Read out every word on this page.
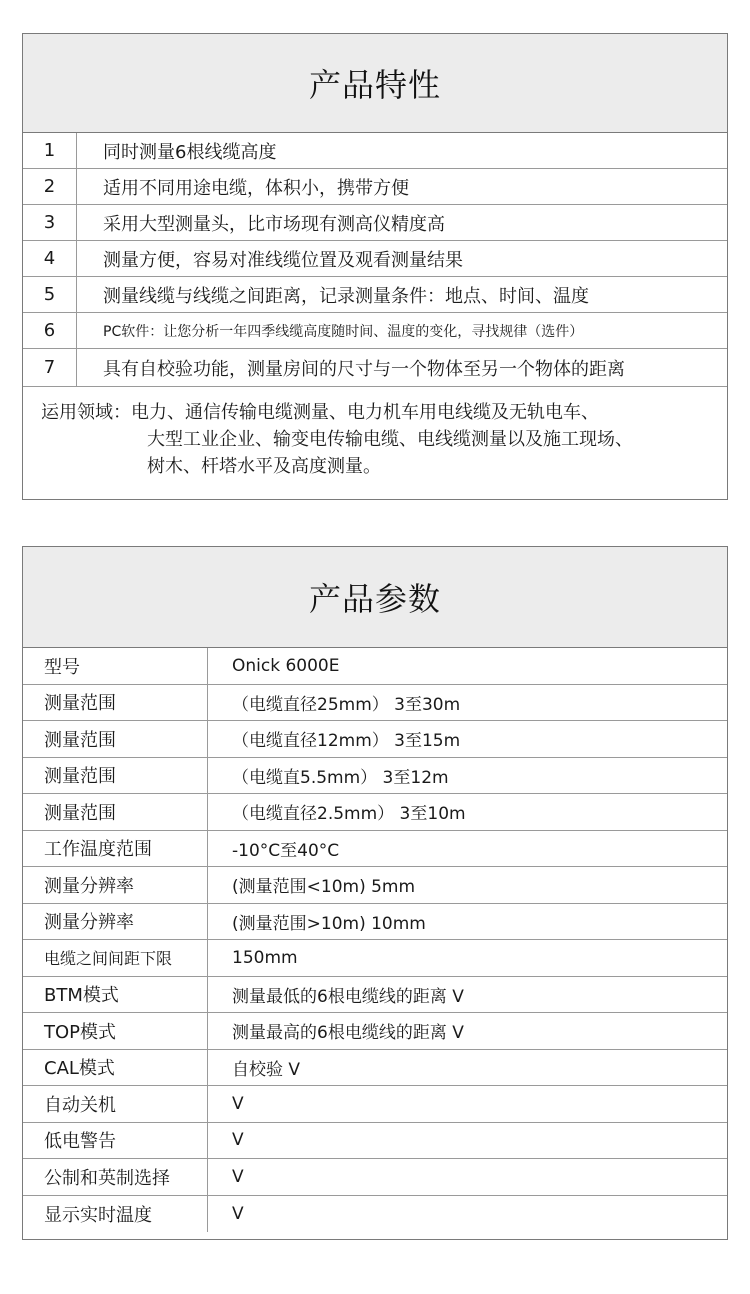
产品特性
1	同时测量6根线缆高度
2	适用不同用途电缆，体积小，携带方便
3	采用大型测量头，比市场现有测高仪精度高
4	测量方便，容易对准线缆位置及观看测量结果
5	测量线缆与线缆之间距离，记录测量条件：地点、时间、温度
6	PC软件：让您分析一年四季线缆高度随时间、温度的变化，寻找规律（选件）
7	具有自校验功能，测量房间的尺寸与一个物体至另一个物体的距离
运用领域：电力、通信传输电缆测量、电力机车用电线缆及无轨电车、
大型工业企业、输变电传输电缆、电线缆测量以及施工现场、
树木、杆塔水平及高度测量。
产品参数
型号	Onick 6000E
测量范围	（电缆直径25mm） 3至30m
测量范围	（电缆直径12mm） 3至15m
测量范围	（电缆直5.5mm） 3至12m
测量范围	（电缆直径2.5mm） 3至10m
工作温度范围	-10°C至40°C
测量分辨率	(测量范围<10m) 5mm
测量分辨率	(测量范围>10m) 10mm
电缆之间间距下限	150mm
BTM模式	测量最低的6根电缆线的距离 V
TOP模式	测量最高的6根电缆线的距离 V
CAL模式	自校验 V
自动关机	V
低电警告	V
公制和英制选择	V
显示实时温度	V
